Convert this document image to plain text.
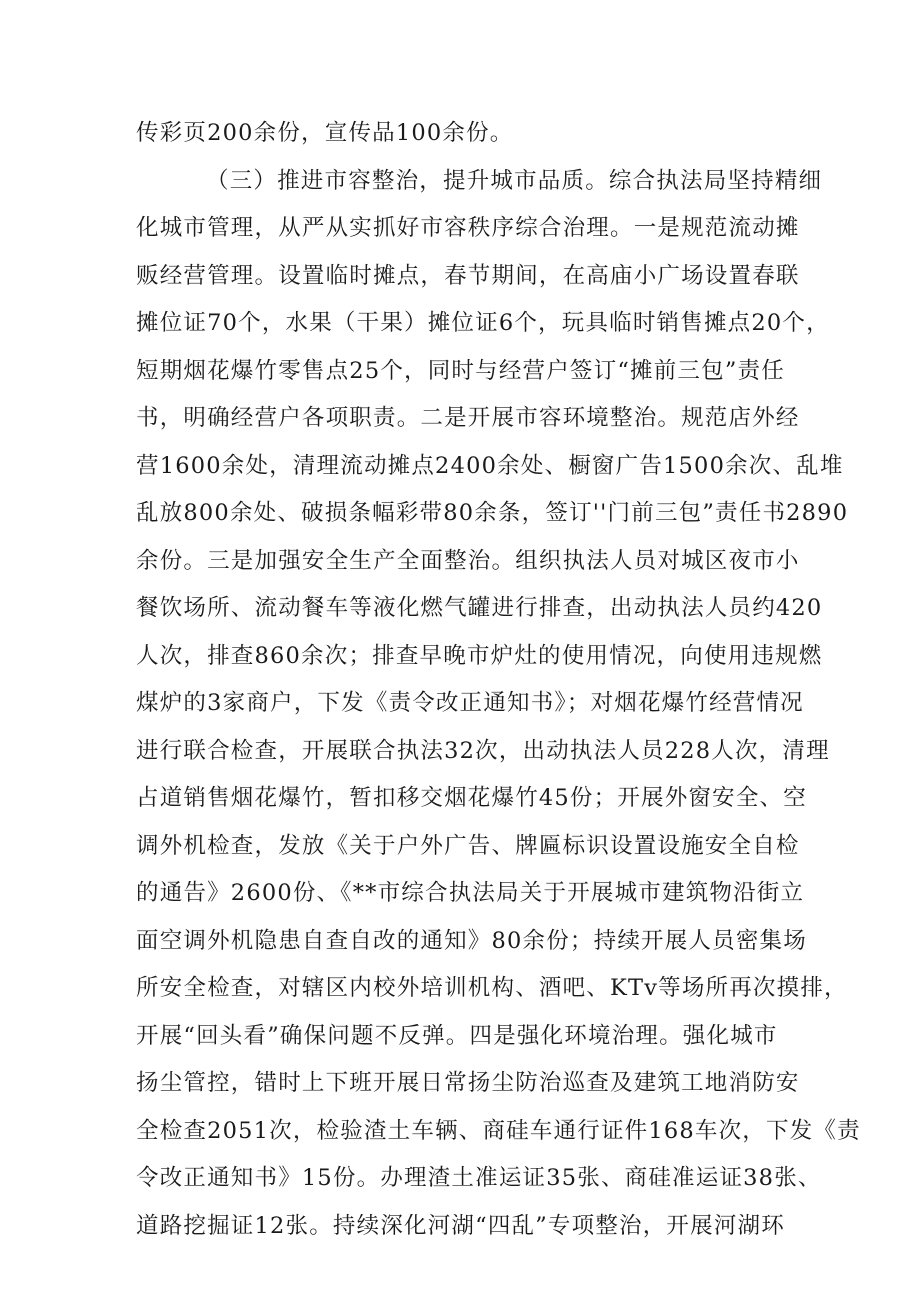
传彩页200余份，宣传品100余份。
（三）推进市容整治，提升城市品质。综合执法局坚持精细
化城市管理，从严从实抓好市容秩序综合治理。一是规范流动摊
贩经营管理。设置临时摊点，春节期间，在高庙小广场设置春联
摊位证70个，水果（干果）摊位证6个，玩具临时销售摊点20个，
短期烟花爆竹零售点25个，同时与经营户签订“摊前三包”责任
书，明确经营户各项职责。二是开展市容环境整治。规范店外经
营1600余处，清理流动摊点2400余处、橱窗广告1500余次、乱堆
乱放800余处、破损条幅彩带80余条，签订''门前三包”责任书2890
余份。三是加强安全生产全面整治。组织执法人员对城区夜市小
餐饮场所、流动餐车等液化燃气罐进行排查，出动执法人员约420
人次，排查860余次；排查早晚市炉灶的使用情况，向使用违规燃
煤炉的3家商户，下发《责令改正通知书》；对烟花爆竹经营情况
进行联合检查，开展联合执法32次，出动执法人员228人次，清理
占道销售烟花爆竹，暂扣移交烟花爆竹45份；开展外窗安全、空
调外机检查，发放《关于户外广告、牌匾标识设置设施安全自检
的通告》2600份、《**市综合执法局关于开展城市建筑物沿街立
面空调外机隐患自查自改的通知》80余份；持续开展人员密集场
所安全检查，对辖区内校外培训机构、酒吧、KTv等场所再次摸排，
开展“回头看”确保问题不反弹。四是强化环境治理。强化城市
扬尘管控，错时上下班开展日常扬尘防治巡查及建筑工地消防安
全检查2051次，检验渣土车辆、商硅车通行证件168车次，下发《责
令改正通知书》15份。办理渣土准运证35张、商硅准运证38张、
道路挖掘证12张。持续深化河湖“四乱”专项整治，开展河湖环
